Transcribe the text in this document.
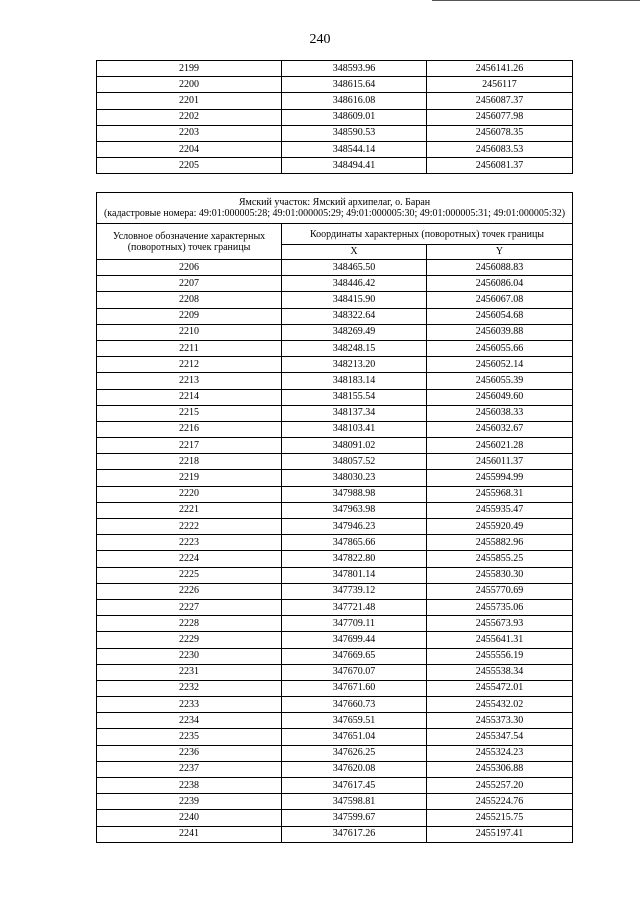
240
2199	348593.96	2456141.26
2200	348615.64	2456117
2201	348616.08	2456087.37
2202	348609.01	2456077.98
2203	348590.53	2456078.35
2204	348544.14	2456083.53
2205	348494.41	2456081.37
Ямский участок: Ямский архипелаг, о. Баран
(кадастровые номера: 49:01:000005:28; 49:01:000005:29; 49:01:000005:30; 49:01:000005:31; 49:01:000005:32)		

Условное обозначение характерных (поворотных) точек границы	Координаты характерных (поворотных) точек границы	
	X	Y
2206	348465.50	2456088.83
2207	348446.42	2456086.04
2208	348415.90	2456067.08
2209	348322.64	2456054.68
2210	348269.49	2456039.88
2211	348248.15	2456055.66
2212	348213.20	2456052.14
2213	348183.14	2456055.39
2214	348155.54	2456049.60
2215	348137.34	2456038.33
2216	348103.41	2456032.67
2217	348091.02	2456021.28
2218	348057.52	2456011.37
2219	348030.23	2455994.99
2220	347988.98	2455968.31
2221	347963.98	2455935.47
2222	347946.23	2455920.49
2223	347865.66	2455882.96
2224	347822.80	2455855.25
2225	347801.14	2455830.30
2226	347739.12	2455770.69
2227	347721.48	2455735.06
2228	347709.11	2455673.93
2229	347699.44	2455641.31
2230	347669.65	2455556.19
2231	347670.07	2455538.34
2232	347671.60	2455472.01
2233	347660.73	2455432.02
2234	347659.51	2455373.30
2235	347651.04	2455347.54
2236	347626.25	2455324.23
2237	347620.08	2455306.88
2238	347617.45	2455257.20
2239	347598.81	2455224.76
2240	347599.67	2455215.75
2241	347617.26	2455197.41
